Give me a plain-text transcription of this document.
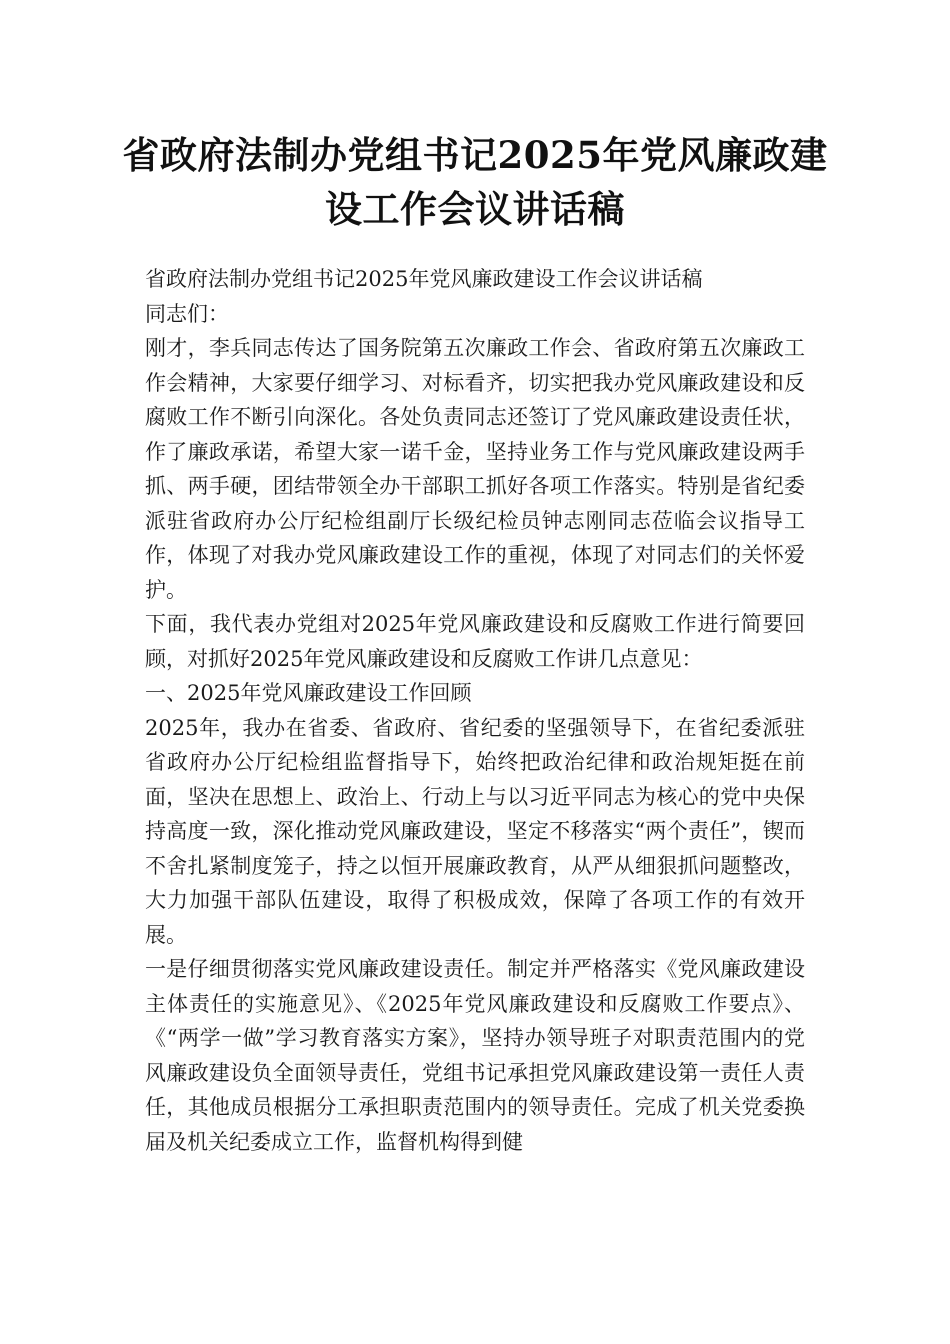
省政府法制办党组书记2025年党风廉政建
设工作会议讲话稿

省政府法制办党组书记2025年党风廉政建设工作会议讲话稿

同志们：

刚才，李兵同志传达了国务院第五次廉政工作会、省政府第五次廉政工作会精神，大家要仔细学习、对标看齐，切实把我办党风廉政建设和反腐败工作不断引向深化。各处负责同志还签订了党风廉政建设责任状，作了廉政承诺，希望大家一诺千金，坚持业务工作与党风廉政建设两手抓、两手硬，团结带领全办干部职工抓好各项工作落实。特别是省纪委派驻省政府办公厅纪检组副厅长级纪检员钟志刚同志莅临会议指导工作，体现了对我办党风廉政建设工作的重视，体现了对同志们的关怀爱护。

下面，我代表办党组对2025年党风廉政建设和反腐败工作进行简要回顾，对抓好2025年党风廉政建设和反腐败工作讲几点意见：

一、2025年党风廉政建设工作回顾

2025年，我办在省委、省政府、省纪委的坚强领导下，在省纪委派驻省政府办公厅纪检组监督指导下，始终把政治纪律和政治规矩挺在前面，坚决在思想上、政治上、行动上与以习近平同志为核心的党中央保持高度一致，深化推动党风廉政建设，坚定不移落实“两个责任”，锲而不舍扎紧制度笼子，持之以恒开展廉政教育，从严从细狠抓问题整改，大力加强干部队伍建设，取得了积极成效，保障了各项工作的有效开展。

一是仔细贯彻落实党风廉政建设责任。制定并严格落实《党风廉政建设主体责任的实施意见》、《2025年党风廉政建设和反腐败工作要点》、《“两学一做”学习教育落实方案》，坚持办领导班子对职责范围内的党风廉政建设负全面领导责任，党组书记承担党风廉政建设第一责任人责任，其他成员根据分工承担职责范围内的领导责任。完成了机关党委换届及机关纪委成立工作，监督机构得到健
